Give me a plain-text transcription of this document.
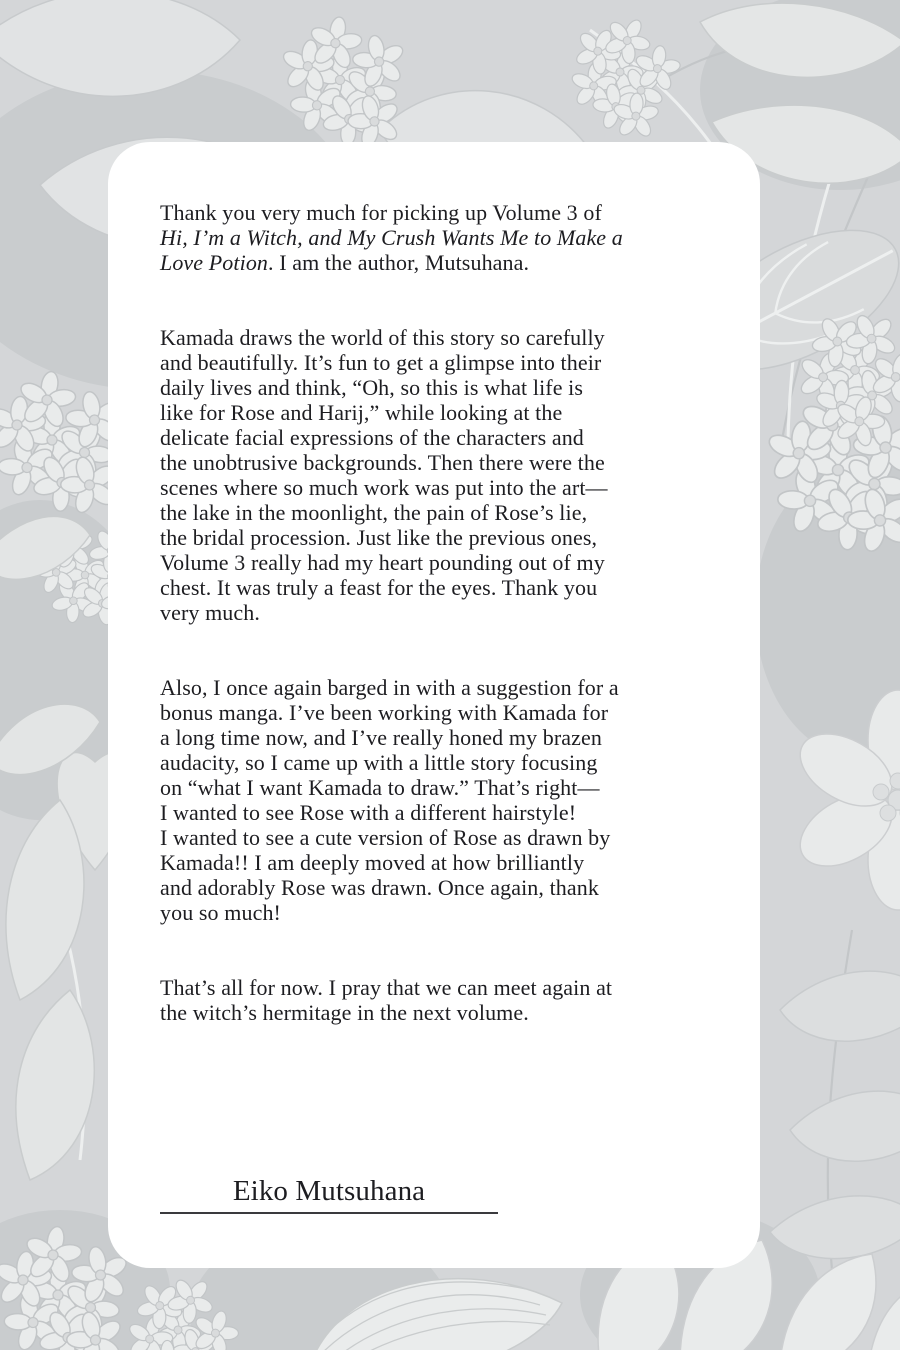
Thank you very much for picking up Volume 3 of
Hi, I’m a Witch, and My Crush Wants Me to Make a
Love Potion. I am the author, Mutsuhana.

Kamada draws the world of this story so carefully
and beautifully. It’s fun to get a glimpse into their
daily lives and think, “Oh, so this is what life is
like for Rose and Harij,” while looking at the
delicate facial expressions of the characters and
the unobtrusive backgrounds. Then there were the
scenes where so much work was put into the art—
the lake in the moonlight, the pain of Rose’s lie,
the bridal procession. Just like the previous ones,
Volume 3 really had my heart pounding out of my
chest. It was truly a feast for the eyes. Thank you
very much.

Also, I once again barged in with a suggestion for a
bonus manga. I’ve been working with Kamada for
a long time now, and I’ve really honed my brazen
audacity, so I came up with a little story focusing
on “what I want Kamada to draw.” That’s right—
I wanted to see Rose with a different hairstyle!
I wanted to see a cute version of Rose as drawn by
Kamada!! I am deeply moved at how brilliantly
and adorably Rose was drawn. Once again, thank
you so much!

That’s all for now. I pray that we can meet again at
the witch’s hermitage in the next volume.

Eiko Mutsuhana
